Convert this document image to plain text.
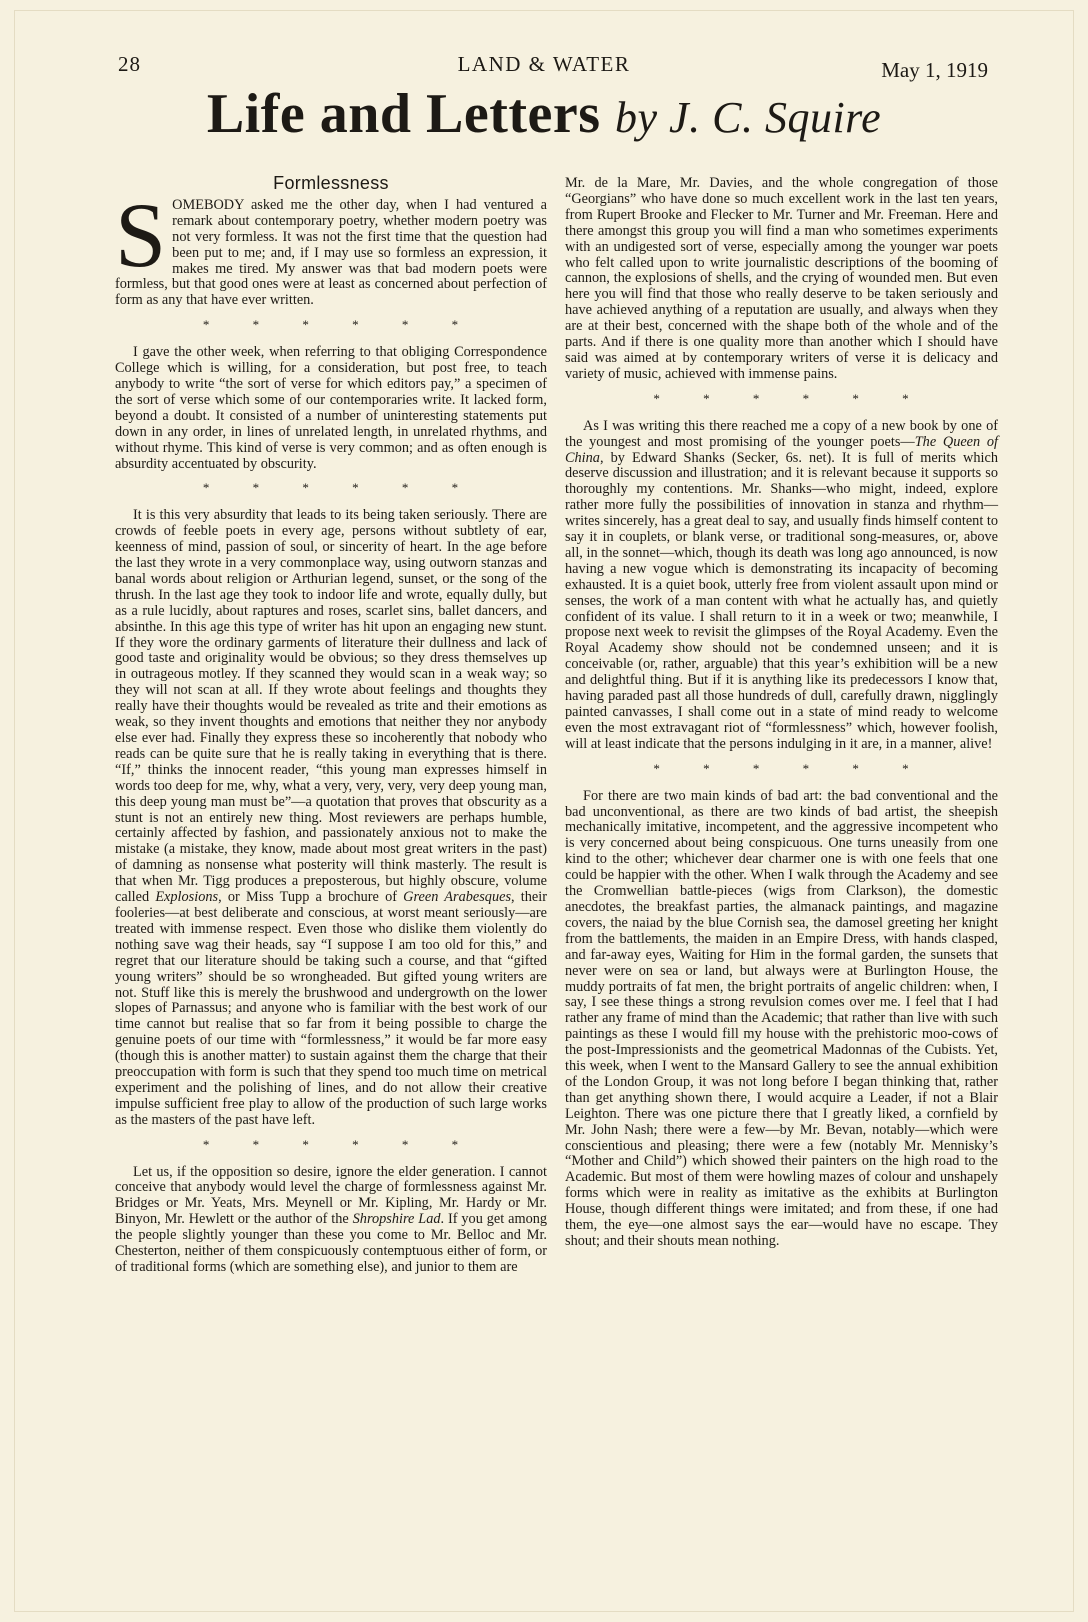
28	LAND & WATER	May 1, 1919
Life and Letters by J. C. Squire
Formlessness

SOMEBODY asked me the other day, when I had ventured a remark about contemporary poetry, whether modern poetry was not very formless. It was not the first time that the question had been put to me; and, if I may use so formless an expression, it makes me tired. My answer was that bad modern poets were formless, but that good ones were at least as concerned about perfection of form as any that have ever written.

* * * * * *

I gave the other week, when referring to that obliging Correspondence College which is willing, for a consideration, but post free, to teach anybody to write “the sort of verse for which editors pay,” a specimen of the sort of verse which some of our contemporaries write. It lacked form, beyond a doubt. It consisted of a number of uninteresting statements put down in any order, in lines of unrelated length, in unrelated rhythms, and without rhyme. This kind of verse is very common; and as often enough is absurdity accentuated by obscurity.

* * * * * *

It is this very absurdity that leads to its being taken seriously. There are crowds of feeble poets in every age, persons without subtlety of ear, keenness of mind, passion of soul, or sincerity of heart. In the age before the last they wrote in a very commonplace way, using outworn stanzas and banal words about religion or Arthurian legend, sunset, or the song of the thrush. In the last age they took to indoor life and wrote, equally dully, but as a rule lucidly, about raptures and roses, scarlet sins, ballet dancers, and absinthe. In this age this type of writer has hit upon an engaging new stunt. If they wore the ordinary garments of literature their dullness and lack of good taste and originality would be obvious; so they dress themselves up in outrageous motley. If they scanned they would scan in a weak way; so they will not scan at all. If they wrote about feelings and thoughts they really have their thoughts would be revealed as trite and their emotions as weak, so they invent thoughts and emotions that neither they nor anybody else ever had. Finally they express these so incoherently that nobody who reads can be quite sure that he is really taking in everything that is there. “If,” thinks the innocent reader, “this young man expresses himself in words too deep for me, why, what a very, very, very, very deep young man, this deep young man must be”—a quotation that proves that obscurity as a stunt is not an entirely new thing. Most reviewers are perhaps humble, certainly affected by fashion, and passionately anxious not to make the mistake (a mistake, they know, made about most great writers in the past) of damning as nonsense what posterity will think masterly. The result is that when Mr. Tigg produces a preposterous, but highly obscure, volume called Explosions, or Miss Tupp a brochure of Green Arabesques, their fooleries—at best deliberate and conscious, at worst meant seriously—are treated with immense respect. Even those who dislike them violently do nothing save wag their heads, say “I suppose I am too old for this,” and regret that our literature should be taking such a course, and that “gifted young writers” should be so wrongheaded. But gifted young writers are not. Stuff like this is merely the brushwood and undergrowth on the lower slopes of Parnassus; and anyone who is familiar with the best work of our time cannot but realise that so far from it being possible to charge the genuine poets of our time with “formlessness,” it would be far more easy (though this is another matter) to sustain against them the charge that their preoccupation with form is such that they spend too much time on metrical experiment and the polishing of lines, and do not allow their creative impulse sufficient free play to allow of the production of such large works as the masters of the past have left.

* * * * * *

Let us, if the opposition so desire, ignore the elder generation. I cannot conceive that anybody would level the charge of formlessness against Mr. Bridges or Mr. Yeats, Mrs. Meynell or Mr. Kipling, Mr. Hardy or Mr. Binyon, Mr. Hewlett or the author of the Shropshire Lad. If you get among the people slightly younger than these you come to Mr. Belloc and Mr. Chesterton, neither of them conspicuously contemptuous either of form, or of traditional forms (which are something else), and junior to them are

Mr. de la Mare, Mr. Davies, and the whole congregation of those “Georgians” who have done so much excellent work in the last ten years, from Rupert Brooke and Flecker to Mr. Turner and Mr. Freeman. Here and there amongst this group you will find a man who sometimes experiments with an undigested sort of verse, especially among the younger war poets who felt called upon to write journalistic descriptions of the booming of cannon, the explosions of shells, and the crying of wounded men. But even here you will find that those who really deserve to be taken seriously and have achieved anything of a reputation are usually, and always when they are at their best, concerned with the shape both of the whole and of the parts. And if there is one quality more than another which I should have said was aimed at by contemporary writers of verse it is delicacy and variety of music, achieved with immense pains.

* * * * * *

As I was writing this there reached me a copy of a new book by one of the youngest and most promising of the younger poets—The Queen of China, by Edward Shanks (Secker, 6s. net). It is full of merits which deserve discussion and illustration; and it is relevant because it supports so thoroughly my contentions. Mr. Shanks—who might, indeed, explore rather more fully the possibilities of innovation in stanza and rhythm—writes sincerely, has a great deal to say, and usually finds himself content to say it in couplets, or blank verse, or traditional song-measures, or, above all, in the sonnet—which, though its death was long ago announced, is now having a new vogue which is demonstrating its incapacity of becoming exhausted. It is a quiet book, utterly free from violent assault upon mind or senses, the work of a man content with what he actually has, and quietly confident of its value. I shall return to it in a week or two; meanwhile, I propose next week to revisit the glimpses of the Royal Academy. Even the Royal Academy show should not be condemned unseen; and it is conceivable (or, rather, arguable) that this year’s exhibition will be a new and delightful thing. But if it is anything like its predecessors I know that, having paraded past all those hundreds of dull, carefully drawn, nigglingly painted canvasses, I shall come out in a state of mind ready to welcome even the most extravagant riot of “formlessness” which, however foolish, will at least indicate that the persons indulging in it are, in a manner, alive!

* * * * * *

For there are two main kinds of bad art: the bad conventional and the bad unconventional, as there are two kinds of bad artist, the sheepish mechanically imitative, incompetent, and the aggressive incompetent who is very concerned about being conspicuous. One turns uneasily from one kind to the other; whichever dear charmer one is with one feels that one could be happier with the other. When I walk through the Academy and see the Cromwellian battle-pieces (wigs from Clarkson), the domestic anecdotes, the breakfast parties, the almanack paintings, and magazine covers, the naiad by the blue Cornish sea, the damosel greeting her knight from the battlements, the maiden in an Empire Dress, with hands clasped, and far-away eyes, Waiting for Him in the formal garden, the sunsets that never were on sea or land, but always were at Burlington House, the muddy portraits of fat men, the bright portraits of angelic children: when, I say, I see these things a strong revulsion comes over me. I feel that I had rather any frame of mind than the Academic; that rather than live with such paintings as these I would fill my house with the prehistoric moo-cows of the post-Impressionists and the geometrical Madonnas of the Cubists. Yet, this week, when I went to the Mansard Gallery to see the annual exhibition of the London Group, it was not long before I began thinking that, rather than get anything shown there, I would acquire a Leader, if not a Blair Leighton. There was one picture there that I greatly liked, a cornfield by Mr. John Nash; there were a few—by Mr. Bevan, notably—which were conscientious and pleasing; there were a few (notably Mr. Mennisky’s “Mother and Child”) which showed their painters on the high road to the Academic. But most of them were howling mazes of colour and unshapely forms which were in reality as imitative as the exhibits at Burlington House, though different things were imitated; and from these, if one had them, the eye—one almost says the ear—would have no escape. They shout; and their shouts mean nothing.
